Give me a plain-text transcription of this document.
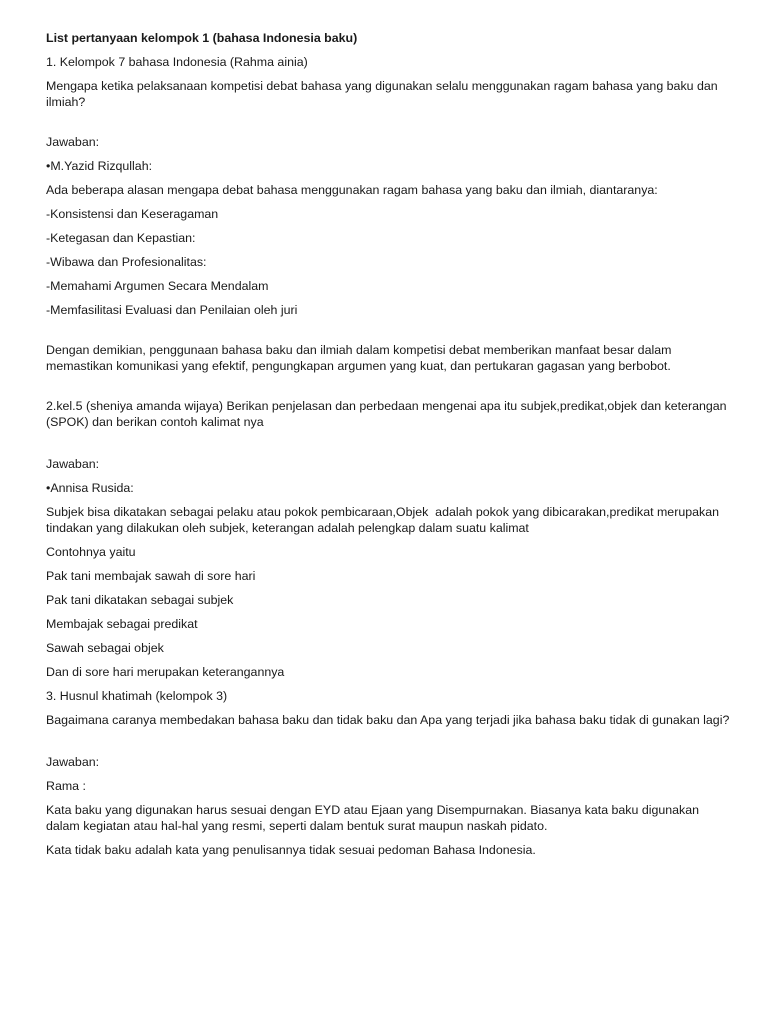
List pertanyaan kelompok 1 (bahasa Indonesia baku)

1. Kelompok 7 bahasa Indonesia (Rahma ainia)

Mengapa ketika pelaksanaan kompetisi debat bahasa yang digunakan selalu menggunakan ragam bahasa yang baku dan ilmiah?

Jawaban:

•M.Yazid Rizqullah:

Ada beberapa alasan mengapa debat bahasa menggunakan ragam bahasa yang baku dan ilmiah, diantaranya:

-Konsistensi dan Keseragaman

-Ketegasan dan Kepastian:

-Wibawa dan Profesionalitas:

-Memahami Argumen Secara Mendalam

-Memfasilitasi Evaluasi dan Penilaian oleh juri

Dengan demikian, penggunaan bahasa baku dan ilmiah dalam kompetisi debat memberikan manfaat besar dalam memastikan komunikasi yang efektif, pengungkapan argumen yang kuat, dan pertukaran gagasan yang berbobot.

2.kel.5 (sheniya amanda wijaya) Berikan penjelasan dan perbedaan mengenai apa itu subjek,predikat,objek dan keterangan (SPOK) dan berikan contoh kalimat nya

Jawaban:

•Annisa Rusida:

Subjek bisa dikatakan sebagai pelaku atau pokok pembicaraan,Objek  adalah pokok yang dibicarakan,predikat merupakan tindakan yang dilakukan oleh subjek, keterangan adalah pelengkap dalam suatu kalimat

Contohnya yaitu

Pak tani membajak sawah di sore hari

Pak tani dikatakan sebagai subjek

Membajak sebagai predikat

Sawah sebagai objek

Dan di sore hari merupakan keterangannya

3. Husnul khatimah (kelompok 3)

Bagaimana caranya membedakan bahasa baku dan tidak baku dan Apa yang terjadi jika bahasa baku tidak di gunakan lagi?

Jawaban:

Rama :

Kata baku yang digunakan harus sesuai dengan EYD atau Ejaan yang Disempurnakan. Biasanya kata baku digunakan dalam kegiatan atau hal-hal yang resmi, seperti dalam bentuk surat maupun naskah pidato.

Kata tidak baku adalah kata yang penulisannya tidak sesuai pedoman Bahasa Indonesia.
